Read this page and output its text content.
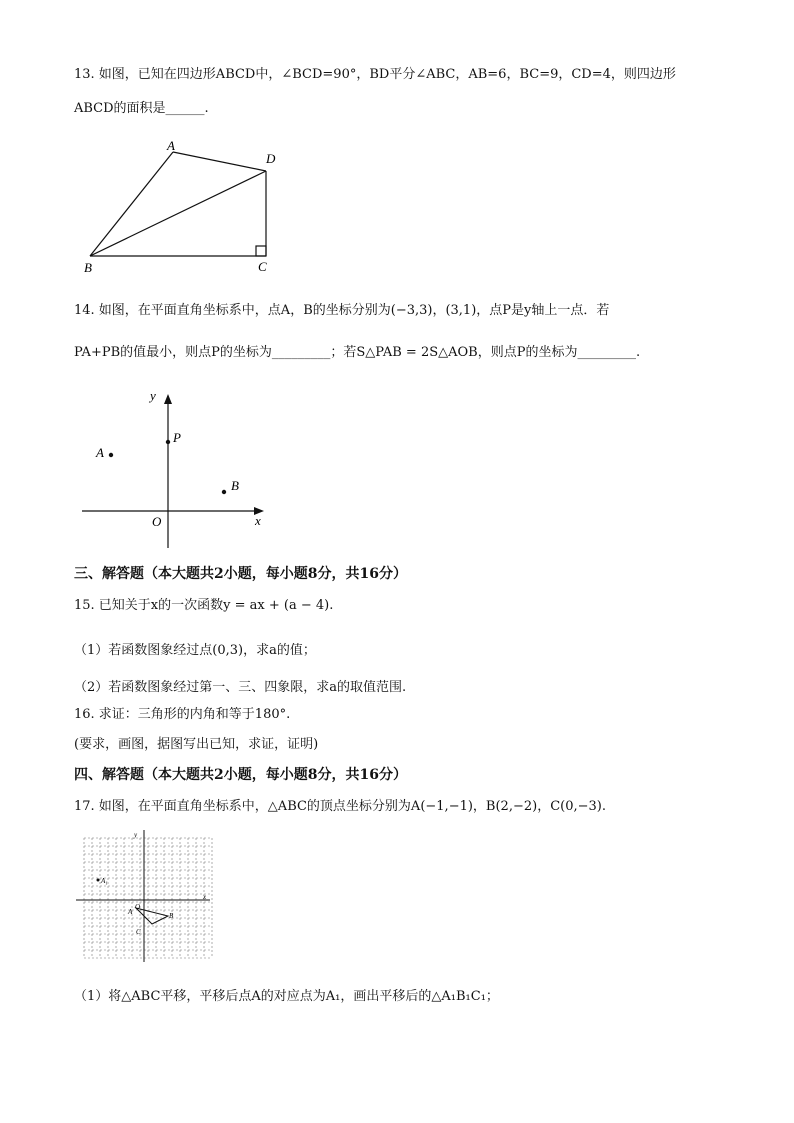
13. 如图，已知在四边形ABCD中，∠BCD=90°，BD平分∠ABC，AB=6，BC=9，CD=4，则四边形
ABCD的面积是______.
A
D
B	C
14. 如图，在平面直角坐标系中，点A，B的坐标分别为(−3,3)，(3,1)，点P是y轴上一点．若
PA+PB的值最小，则点P的坐标为_________；若S△PAB = 2S△AOB，则点P的坐标为_________.
y
x
O
A
B
P
三、解答题（本大题共2小题，每小题8分，共16分）
15. 已知关于x的一次函数y = ax + (a − 4).
（1）若函数图象经过点(0,3)，求a的值；
（2）若函数图象经过第一、三、四象限，求a的取值范围.
16. 求证：三角形的内角和等于180°.
(要求，画图，据图写出已知，求证，证明)
四、解答题（本大题共2小题，每小题8分，共16分）
17. 如图，在平面直角坐标系中，△ABC的顶点坐标分别为A(−1,−1)，B(2,−2)，C(0,−3).
y
x
O
A	B
C
A₁
（1）将△ABC平移，平移后点A的对应点为A₁，画出平移后的△A₁B₁C₁；
